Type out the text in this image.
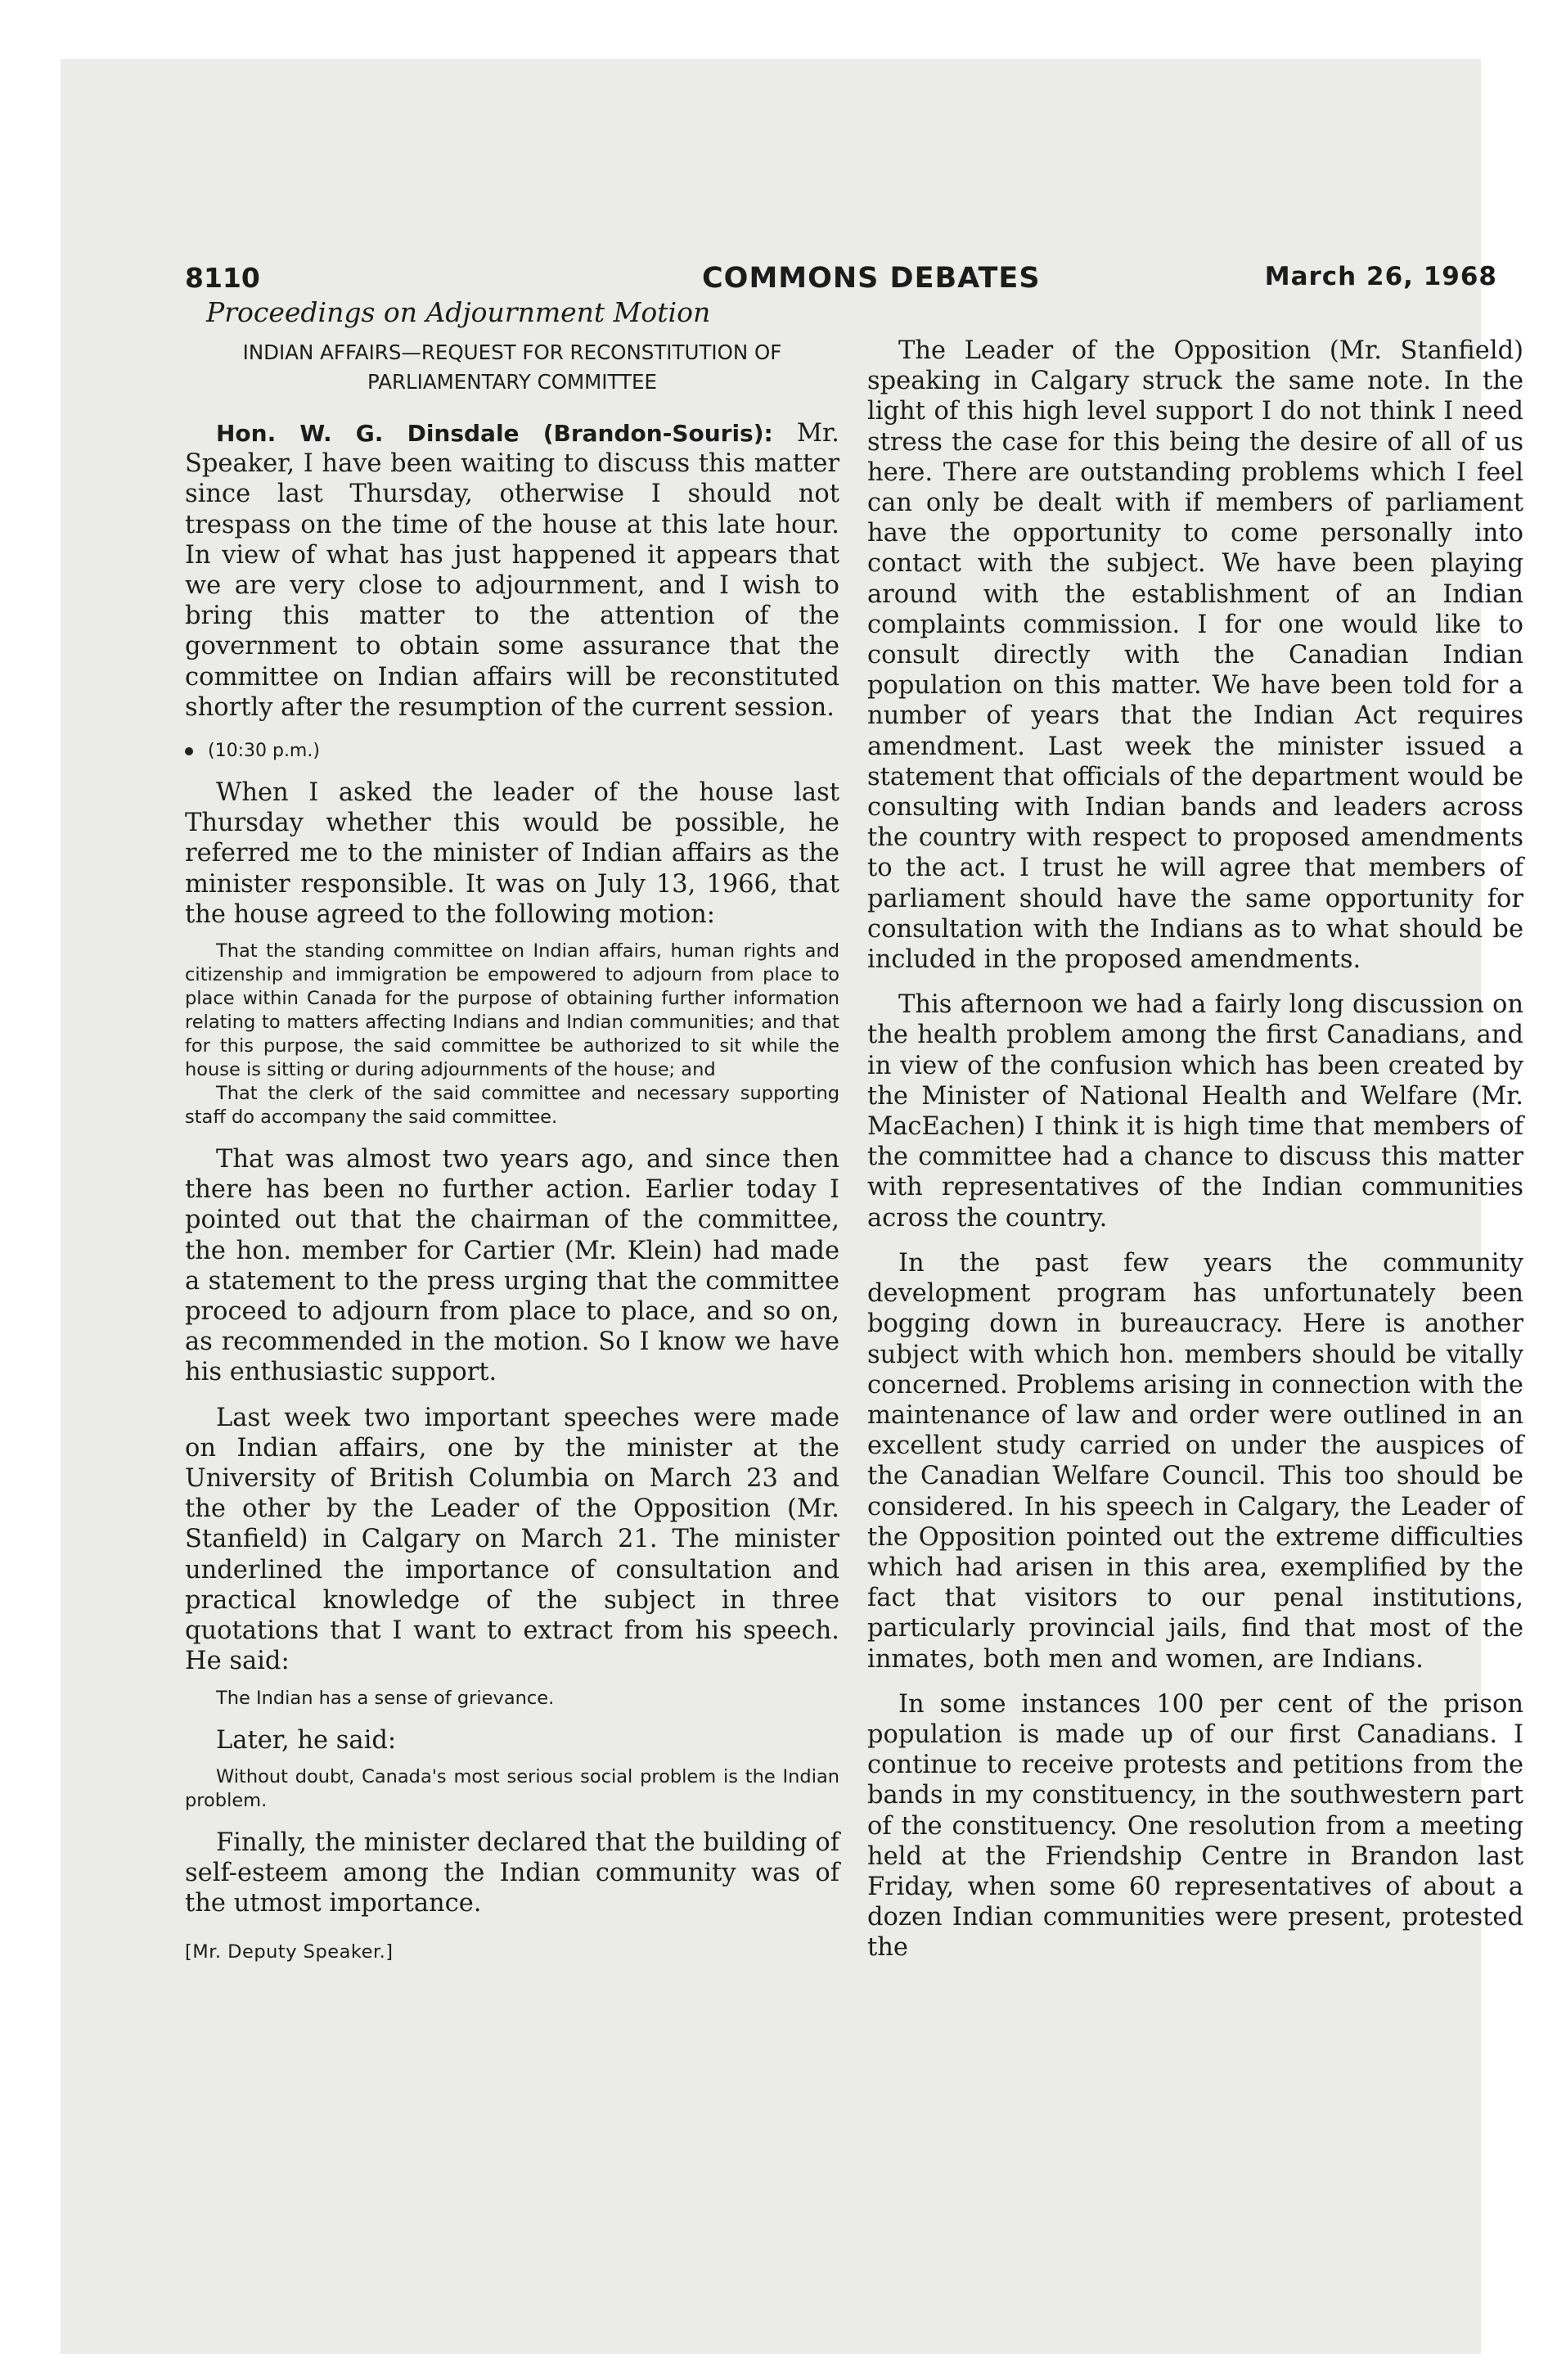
8110	COMMONS DEBATES	March 26, 1968
Proceedings on Adjournment Motion
INDIAN AFFAIRS—REQUEST FOR RECONSTITUTION OF PARLIAMENTARY COMMITTEE

Hon. W. G. Dinsdale (Brandon-Souris): Mr. Speaker, I have been waiting to discuss this matter since last Thursday, otherwise I should not trespass on the time of the house at this late hour. In view of what has just happened it appears that we are very close to adjournment, and I wish to bring this matter to the attention of the government to obtain some assurance that the committee on Indian affairs will be reconstituted shortly after the resumption of the current session.

(10:30 p.m.)

When I asked the leader of the house last Thursday whether this would be possible, he referred me to the minister of Indian affairs as the minister responsible. It was on July 13, 1966, that the house agreed to the following motion:

That the standing committee on Indian affairs, human rights and citizenship and immigration be empowered to adjourn from place to place within Canada for the purpose of obtaining further information relating to matters affecting Indians and Indian communities; and that for this purpose, the said committee be authorized to sit while the house is sitting or during adjournments of the house; and

That the clerk of the said committee and necessary supporting staff do accompany the said committee.

That was almost two years ago, and since then there has been no further action. Earlier today I pointed out that the chairman of the committee, the hon. member for Cartier (Mr. Klein) had made a statement to the press urging that the committee proceed to adjourn from place to place, and so on, as recommended in the motion. So I know we have his enthusiastic support.

Last week two important speeches were made on Indian affairs, one by the minister at the University of British Columbia on March 23 and the other by the Leader of the Opposition (Mr. Stanfield) in Calgary on March 21. The minister underlined the importance of consultation and practical knowledge of the subject in three quotations that I want to extract from his speech. He said:

The Indian has a sense of grievance.

Later, he said:

Without doubt, Canada's most serious social problem is the Indian problem.

Finally, the minister declared that the building of self-esteem among the Indian community was of the utmost importance.

[Mr. Deputy Speaker.]

The Leader of the Opposition (Mr. Stanfield) speaking in Calgary struck the same note. In the light of this high level support I do not think I need stress the case for this being the desire of all of us here. There are outstanding problems which I feel can only be dealt with if members of parliament have the opportunity to come personally into contact with the subject. We have been playing around with the establishment of an Indian complaints commission. I for one would like to consult directly with the Canadian Indian population on this matter. We have been told for a number of years that the Indian Act requires amendment. Last week the minister issued a statement that officials of the department would be consulting with Indian bands and leaders across the country with respect to proposed amendments to the act. I trust he will agree that members of parliament should have the same opportunity for consultation with the Indians as to what should be included in the proposed amendments.

This afternoon we had a fairly long discussion on the health problem among the first Canadians, and in view of the confusion which has been created by the Minister of National Health and Welfare (Mr. MacEachen) I think it is high time that members of the committee had a chance to discuss this matter with representatives of the Indian communities across the country.

In the past few years the community development program has unfortunately been bogging down in bureaucracy. Here is another subject with which hon. members should be vitally concerned. Problems arising in connection with the maintenance of law and order were outlined in an excellent study carried on under the auspices of the Canadian Welfare Council. This too should be considered. In his speech in Calgary, the Leader of the Opposition pointed out the extreme difficulties which had arisen in this area, exemplified by the fact that visitors to our penal institutions, particularly provincial jails, find that most of the inmates, both men and women, are Indians.

In some instances 100 per cent of the prison population is made up of our first Canadians. I continue to receive protests and petitions from the bands in my constituency, in the southwestern part of the constituency. One resolution from a meeting held at the Friendship Centre in Brandon last Friday, when some 60 representatives of about a dozen Indian communities were present, protested the
